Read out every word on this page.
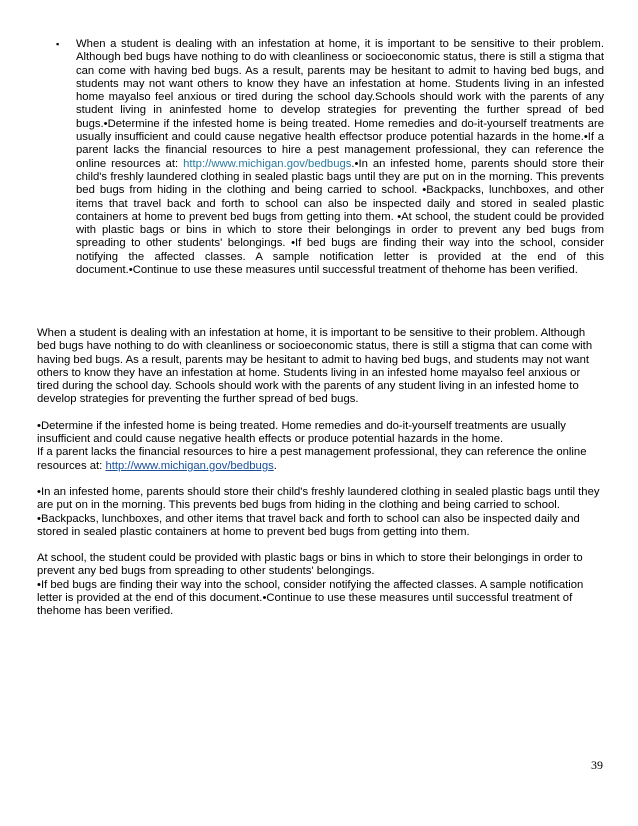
▪ When a student is dealing with an infestation at home, it is important to be sensitive to their problem. Although bed bugs have nothing to do with cleanliness or socioeconomic status, there is still a stigma that can come with having bed bugs. As a result, parents may be hesitant to admit to having bed bugs, and students may not want others to know they have an infestation at home. Students living in an infested home mayalso feel anxious or tired during the school day.Schools should work with the parents of any student living in aninfested home to develop strategies for preventing the further spread of bed bugs.•Determine if the infested home is being treated. Home remedies and do-it-yourself treatments are usually insufficient and could cause negative health effectsor produce potential hazards in the home.•If a parent lacks the financial resources to hire a pest management professional, they can reference the online resources at: http://www.michigan.gov/bedbugs.•In an infested home, parents should store their child's freshly laundered clothing in sealed plastic bags until they are put on in the morning. This prevents bed bugs from hiding in the clothing and being carried to school. •Backpacks, lunchboxes, and other items that travel back and forth to school can also be inspected daily and stored in sealed plastic containers at home to prevent bed bugs from getting into them. •At school, the student could be provided with plastic bags or bins in which to store their belongings in order to prevent any bed bugs from spreading to other students' belongings. •If bed bugs are finding their way into the school, consider notifying the affected classes. A sample notification letter is provided at the end of this document.•Continue to use these measures until successful treatment of thehome has been verified.

When a student is dealing with an infestation at home, it is important to be sensitive to their problem. Although bed bugs have nothing to do with cleanliness or socioeconomic status, there is still a stigma that can come with having bed bugs. As a result, parents may be hesitant to admit to having bed bugs, and students may not want others to know they have an infestation at home. Students living in an infested home mayalso feel anxious or tired during the school day. Schools should work with the parents of any student living in an infested home to develop strategies for preventing the further spread of bed bugs.

•Determine if the infested home is being treated. Home remedies and do-it-yourself treatments are usually insufficient and could cause negative health effects or produce potential hazards in the home.

If a parent lacks the financial resources to hire a pest management professional, they can reference the online resources at: http://www.michigan.gov/bedbugs.

•In an infested home, parents should store their child's freshly laundered clothing in sealed plastic bags until they are put on in the morning. This prevents bed bugs from hiding in the clothing and being carried to school.

•Backpacks, lunchboxes, and other items that travel back and forth to school can also be inspected daily and stored in sealed plastic containers at home to prevent bed bugs from getting into them.

At school, the student could be provided with plastic bags or bins in which to store their belongings in order to prevent any bed bugs from spreading to other students' belongings.

•If bed bugs are finding their way into the school, consider notifying the affected classes. A sample notification letter is provided at the end of this document.•Continue to use these measures until successful treatment of thehome has been verified.

39
